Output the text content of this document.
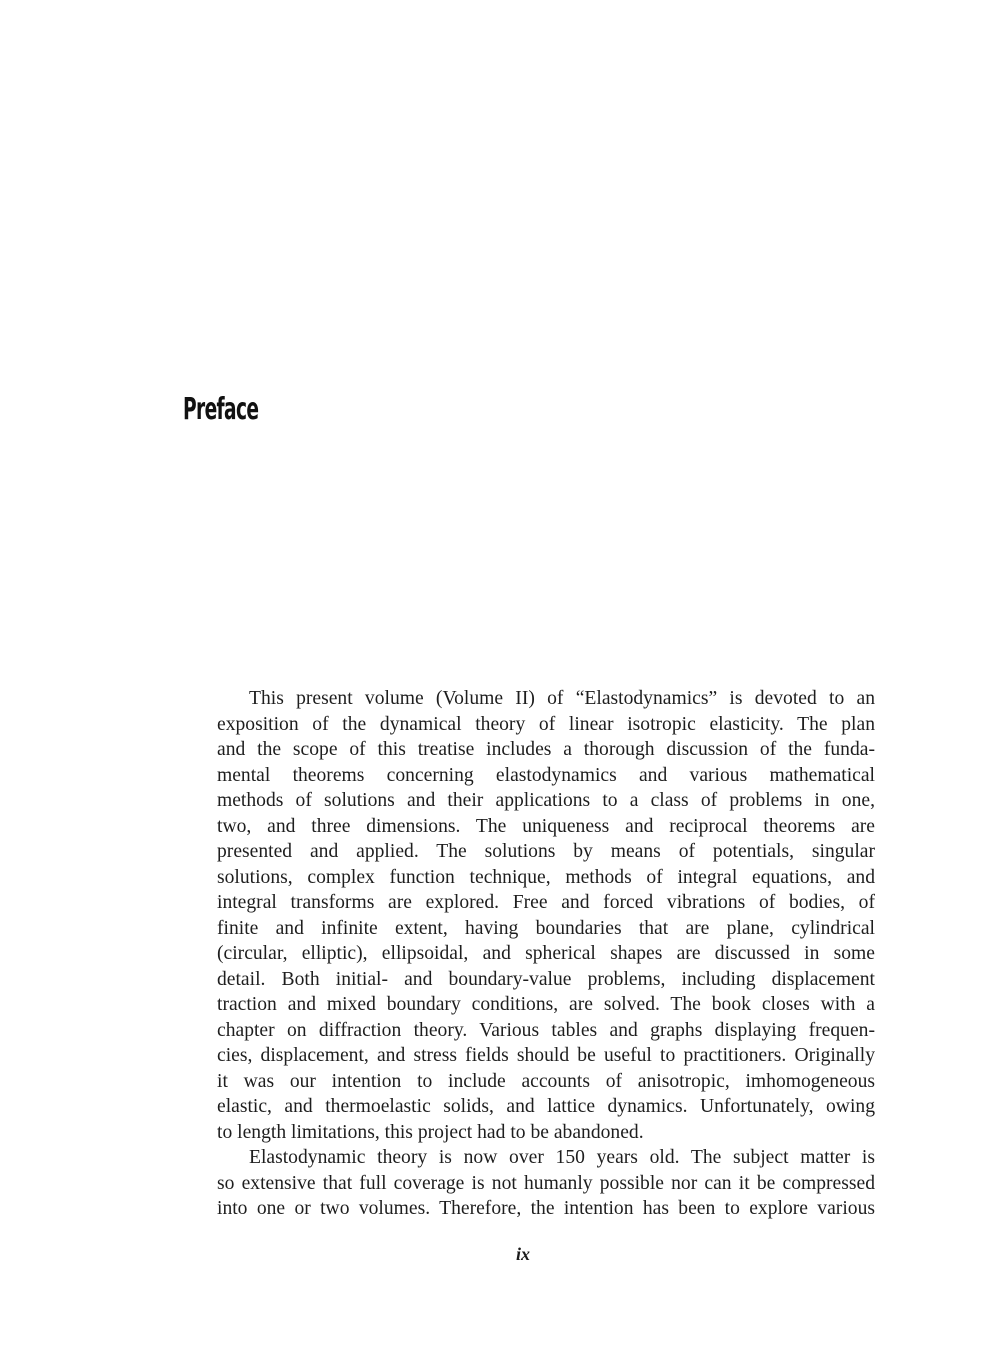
Preface
This present volume (Volume II) of “Elastodynamics” is devoted to an
exposition of the dynamical theory of linear isotropic elasticity. The plan
and the scope of this treatise includes a thorough discussion of the funda-
mental theorems concerning elastodynamics and various mathematical
methods of solutions and their applications to a class of problems in one,
two, and three dimensions. The uniqueness and reciprocal theorems are
presented and applied. The solutions by means of potentials, singular
solutions, complex function technique, methods of integral equations, and
integral transforms are explored. Free and forced vibrations of bodies, of
finite and infinite extent, having boundaries that are plane, cylindrical
(circular, elliptic), ellipsoidal, and spherical shapes are discussed in some
detail. Both initial- and boundary-value problems, including displacement
traction and mixed boundary conditions, are solved. The book closes with a
chapter on diffraction theory. Various tables and graphs displaying frequen-
cies, displacement, and stress fields should be useful to practitioners. Originally
it was our intention to include accounts of anisotropic, imhomogeneous
elastic, and thermoelastic solids, and lattice dynamics. Unfortunately, owing
to length limitations, this project had to be abandoned.
Elastodynamic theory is now over 150 years old. The subject matter is
so extensive that full coverage is not humanly possible nor can it be compressed
into one or two volumes. Therefore, the intention has been to explore various

ix
